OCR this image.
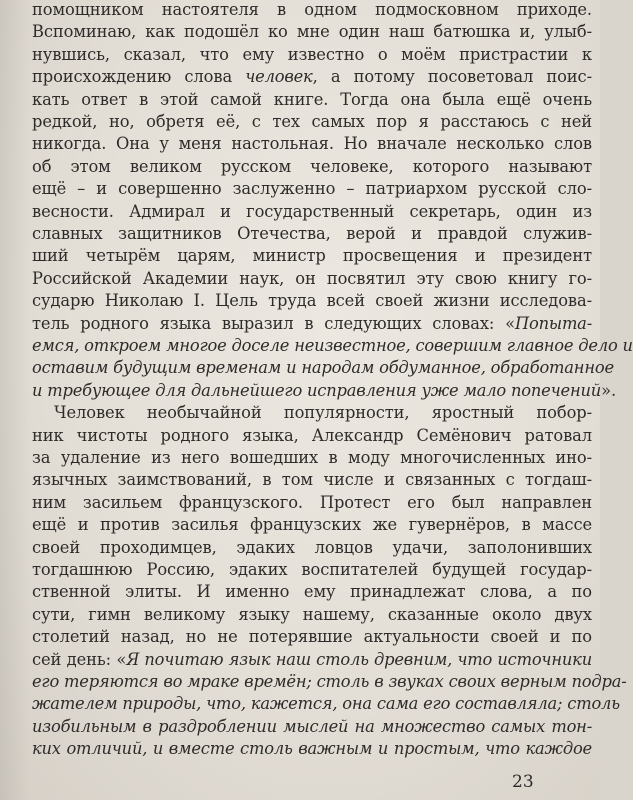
помощником настоятеля в одном подмосковном приходе.
Вспоминаю, как подошёл ко мне один наш батюшка и, улыб-
нувшись, сказал, что ему известно о моём пристрастии к
происхождению слова человек, а потому посоветовал поис-
кать ответ в этой самой книге. Тогда она была ещё очень
редкой, но, обретя её, с тех самых пор я расстаюсь с ней
никогда. Она у меня настольная. Но вначале несколько слов
об этом великом русском человеке, которого называют
ещё – и совершенно заслуженно – патриархом русской сло-
весности. Адмирал и государственный секретарь, один из
славных защитников Отечества, верой и правдой служив-
ший четырём царям, министр просвещения и президент
Российской Академии наук, он посвятил эту свою книгу го-
сударю Николаю I. Цель труда всей своей жизни исследова-
тель родного языка выразил в следующих словах: «Попыта-
емся, откроем многое доселе неизвестное, совершим главное дело и
оставим будущим временам и народам обдуманное, обработанное
и требующее для дальнейшего исправления уже мало попечений».
Человек необычайной популярности, яростный побор-
ник чистоты родного языка, Александр Семёнович ратовал
за удаление из него вошедших в моду многочисленных ино-
язычных заимствований, в том числе и связанных с тогдаш-
ним засильем французского. Протест его был направлен
ещё и против засилья французских же гувернёров, в массе
своей проходимцев, эдаких ловцов удачи, заполонивших
тогдашнюю Россию, эдаких воспитателей будущей государ-
ственной элиты. И именно ему принадлежат слова, а по
сути, гимн великому языку нашему, сказанные около двух
столетий назад, но не потерявшие актуальности своей и по
сей день: «Я почитаю язык наш столь древним, что источники
его теряются во мраке времён; столь в звуках своих верным подра-
жателем природы, что, кажется, она сама его составляла; столь
изобильным в раздроблении мыслей на множество самых тон-
ких отличий, и вместе столь важным и простым, что каждое
23
